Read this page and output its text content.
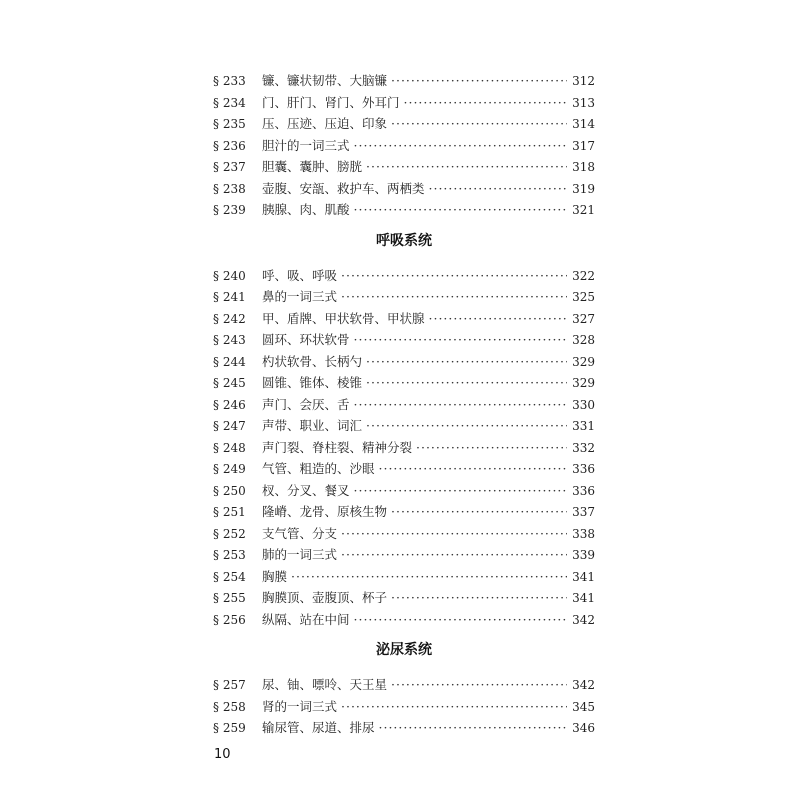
§ 233	镰、镰状韧带、大脑镰 ·····	312
§ 234	门、肝门、肾门、外耳门 ·····	313
§ 235	压、压迹、压迫、印象 ·····	314
§ 236	胆汁的一词三式 ·····	317
§ 237	胆囊、囊肿、膀胱 ·····	318
§ 238	壶腹、安瓿、救护车、两栖类 ·····	319
§ 239	胰腺、肉、肌酸 ·····	321
呼吸系统
§ 240	呼、吸、呼吸 ·····	322
§ 241	鼻的一词三式 ·····	325
§ 242	甲、盾牌、甲状软骨、甲状腺 ·····	327
§ 243	圆环、环状软骨 ·····	328
§ 244	杓状软骨、长柄勺 ·····	329
§ 245	圆锥、锥体、棱锥 ·····	329
§ 246	声门、会厌、舌 ·····	330
§ 247	声带、职业、词汇 ·····	331
§ 248	声门裂、脊柱裂、精神分裂 ·····	332
§ 249	气管、粗造的、沙眼 ·····	336
§ 250	杈、分叉、餐叉 ·····	336
§ 251	隆嵴、龙骨、原核生物 ·····	337
§ 252	支气管、分支 ·····	338
§ 253	肺的一词三式 ·····	339
§ 254	胸膜 ·····	341
§ 255	胸膜顶、壶腹顶、杯子 ·····	341
§ 256	纵隔、站在中间 ·····	342
泌尿系统
§ 257	尿、铀、嘌呤、天王星 ·····	342
§ 258	肾的一词三式 ·····	345
§ 259	输尿管、尿道、排尿 ·····	346
10
